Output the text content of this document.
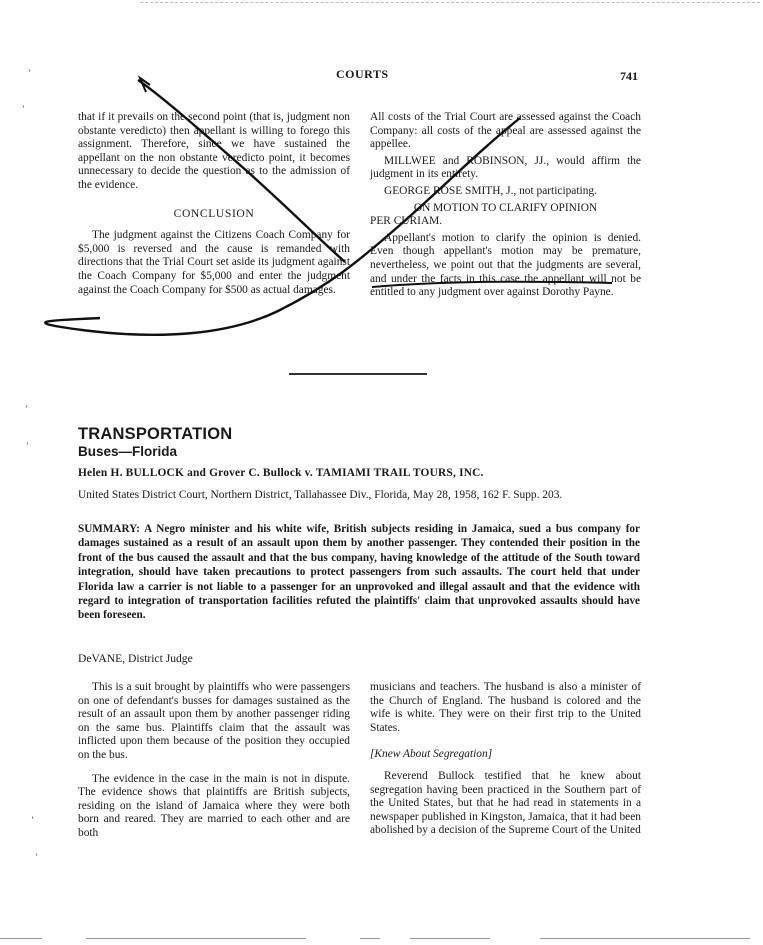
COURTS	741
’
’
’
’
’
’

that if it prevails on the second point (that is, judgment non obstante veredicto) then appellant is willing to forego this assignment. Therefore, since we have sustained the appellant on the non obstante veredicto point, it becomes unnecessary to decide the question as to the admission of the evidence.

CONCLUSION

The judgment against the Citizens Coach Company for $5,000 is reversed and the cause is remanded with directions that the Trial Court set aside its judgment against the Coach Company for $5,000 and enter the judgment against the Coach Company for $500 as actual damages.

All costs of the Trial Court are assessed against the Coach Company: all costs of the appeal are assessed against the appellee.

MILLWEE and ROBINSON, JJ., would affirm the judgment in its entirety.

GEORGE ROSE SMITH, J., not participating.

ON MOTION TO CLARIFY OPINION

PER CURIAM.

Appellant's motion to clarify the opinion is denied. Even though appellant's motion may be premature, nevertheless, we point out that the judgments are several, and under the facts in this case the appellant will not be entitled to any judgment over against Dorothy Payne.

TRANSPORTATION
Buses—Florida
Helen H. BULLOCK and Grover C. Bullock v. TAMIAMI TRAIL TOURS, INC.
United States District Court, Northern District, Tallahassee Div., Florida, May 28, 1958, 162 F. Supp. 203.
SUMMARY: A Negro minister and his white wife, British subjects residing in Jamaica, sued a bus company for damages sustained as a result of an assault upon them by another passenger. They contended their position in the front of the bus caused the assault and that the bus company, having knowledge of the attitude of the South toward integration, should have taken precautions to protect passengers from such assaults. The court held that under Florida law a carrier is not liable to a passenger for an unprovoked and illegal assault and that the evidence with regard to integration of transportation facilities refuted the plaintiffs' claim that unprovoked assaults should have been foreseen.
DeVANE, District Judge

This is a suit brought by plaintiffs who were passengers on one of defendant's busses for damages sustained as the result of an assault upon them by another passenger riding on the same bus. Plaintiffs claim that the assault was inflicted upon them because of the position they occupied on the bus.

The evidence in the case in the main is not in dispute. The evidence shows that plaintiffs are British subjects, residing on the island of Jamaica where they were both born and reared. They are married to each other and are both

musicians and teachers. The husband is also a minister of the Church of England. The husband is colored and the wife is white. They were on their first trip to the United States.

[Knew About Segregation]

Reverend Bullock testified that he knew about segregation having been practiced in the Southern part of the United States, but that he had read in statements in a newspaper published in Kingston, Jamaica, that it had been abolished by a decision of the Supreme Court of the United
